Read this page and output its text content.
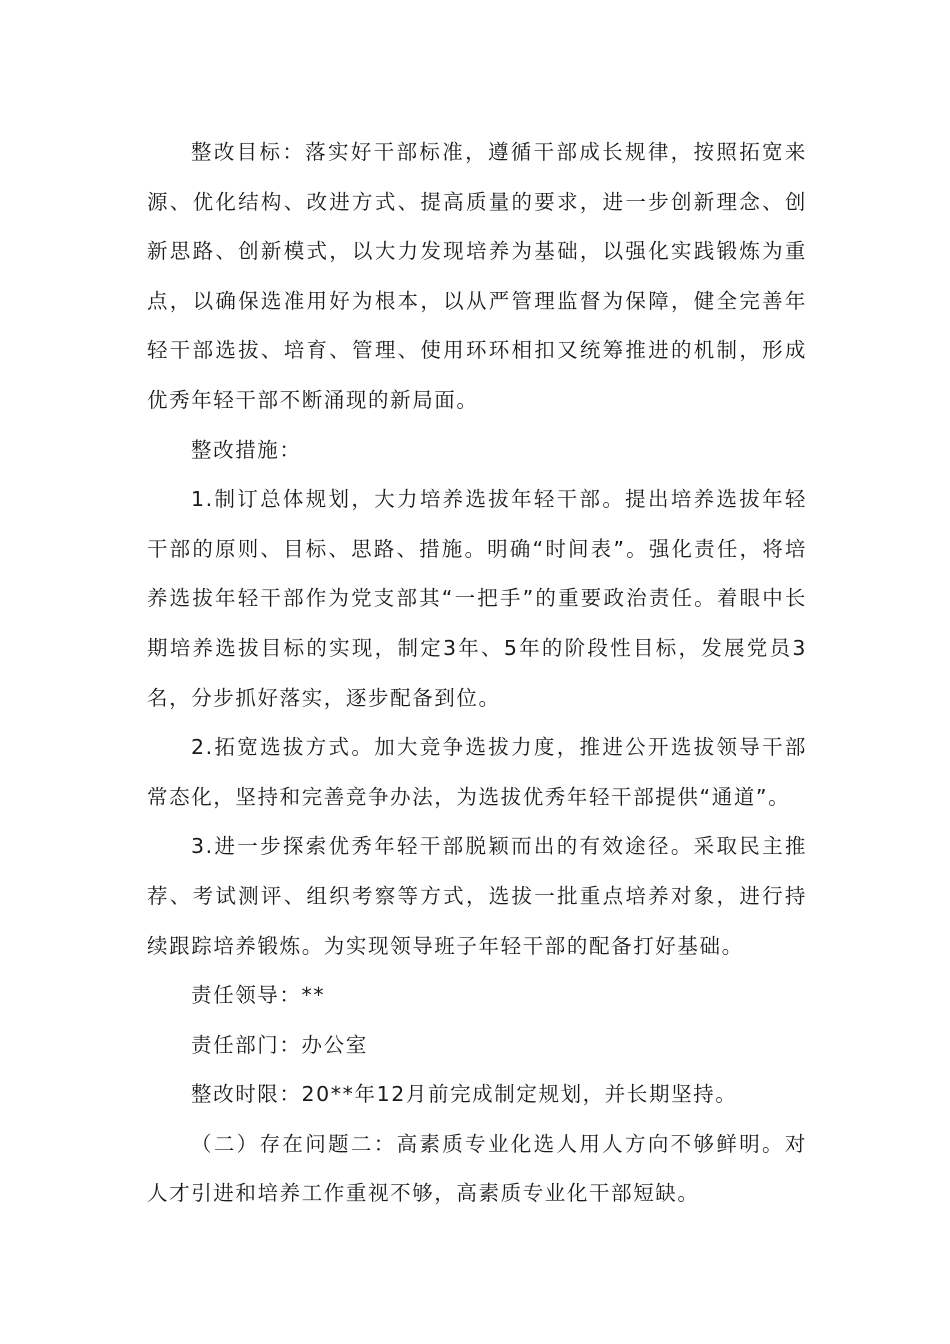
整改目标：落实好干部标准，遵循干部成长规律，按照拓宽来源、优化结构、改进方式、提高质量的要求，进一步创新理念、创新思路、创新模式，以大力发现培养为基础，以强化实践锻炼为重点，以确保选准用好为根本，以从严管理监督为保障，健全完善年轻干部选拔、培育、管理、使用环环相扣又统筹推进的机制，形成优秀年轻干部不断涌现的新局面。

整改措施：

1.制订总体规划，大力培养选拔年轻干部。提出培养选拔年轻干部的原则、目标、思路、措施。明确“时间表”。强化责任，将培养选拔年轻干部作为党支部其“一把手”的重要政治责任。着眼中长期培养选拔目标的实现，制定3年、5年的阶段性目标，发展党员3名，分步抓好落实，逐步配备到位。

2.拓宽选拔方式。加大竞争选拔力度，推进公开选拔领导干部常态化，坚持和完善竞争办法，为选拔优秀年轻干部提供“通道”。

3.进一步探索优秀年轻干部脱颖而出的有效途径。采取民主推荐、考试测评、组织考察等方式，选拔一批重点培养对象，进行持续跟踪培养锻炼。为实现领导班子年轻干部的配备打好基础。

责任领导：**

责任部门：办公室

整改时限：20**年12月前完成制定规划，并长期坚持。

（二）存在问题二：高素质专业化选人用人方向不够鲜明。对人才引进和培养工作重视不够，高素质专业化干部短缺。
